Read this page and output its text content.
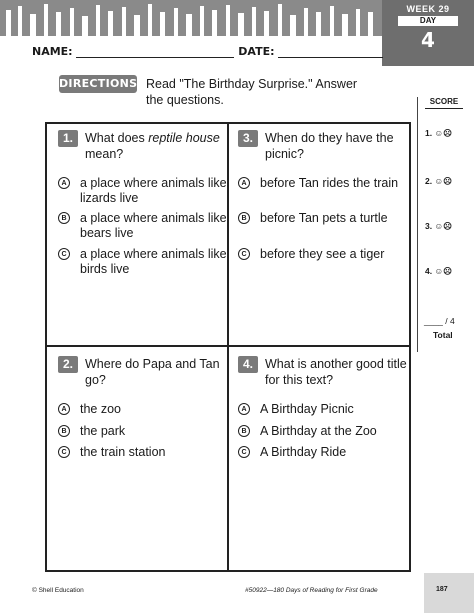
WEEK 29
DAY
4
NAME:	DATE:
DIRECTIONS Read "The Birthday Surprise." Answer the questions.
1. What does reptile house mean?
A a place where animals like lizards live
B a place where animals like bears live
C a place where animals like birds live
2. Where do Papa and Tan go?
A the zoo
B the park
C the train station
3. When do they have the picnic?
A before Tan rides the train
B before Tan pets a turtle
C before they see a tiger
4. What is another good title for this text?
A A Birthday Picnic
B A Birthday at the Zoo
C A Birthday Ride
SCORE
1. ☺☹
2. ☺☹
3. ☺☹
4. ☺☹
____ / 4
Total
© Shell Education	#50922—180 Days of Reading for First Grade	187
